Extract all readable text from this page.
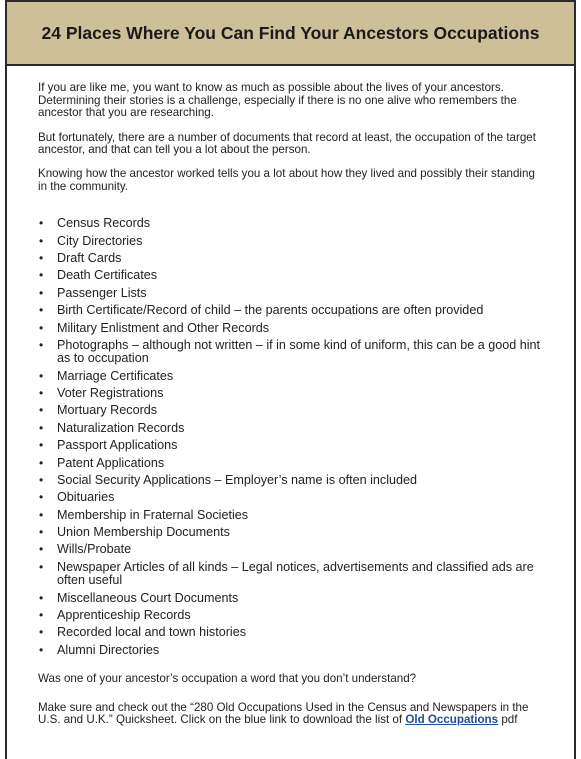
24 Places Where You Can Find Your Ancestors Occupations

If you are like me, you want to know as much as possible about the lives of your ancestors. Determining their stories is a challenge, especially if there is no one alive who remembers the ancestor that you are researching.

But fortunately, there are a number of documents that record at least, the occupation of the target ancestor, and that can tell you a lot about the person.

Knowing how the ancestor worked tells you a lot about how they lived and possibly their standing in the community.

• Census Records
• City Directories
• Draft Cards
• Death Certificates
• Passenger Lists
• Birth Certificate/Record of child – the parents occupations are often provided
• Military Enlistment and Other Records
• Photographs – although not written – if in some kind of uniform, this can be a good hint as to occupation
• Marriage Certificates
• Voter Registrations
• Mortuary Records
• Naturalization Records
• Passport Applications
• Patent Applications
• Social Security Applications – Employer’s name is often included
• Obituaries
• Membership in Fraternal Societies
• Union Membership Documents
• Wills/Probate
• Newspaper Articles of all kinds – Legal notices, advertisements and classified ads are often useful
• Miscellaneous Court Documents
• Apprenticeship Records
• Recorded local and town histories
• Alumni Directories

Was one of your ancestor’s occupation a word that you don’t understand?

Make sure and check out the “280 Old Occupations Used in the Census and Newspapers in the U.S. and U.K.” Quicksheet. Click on the blue link to download the list of Old Occupations pdf
